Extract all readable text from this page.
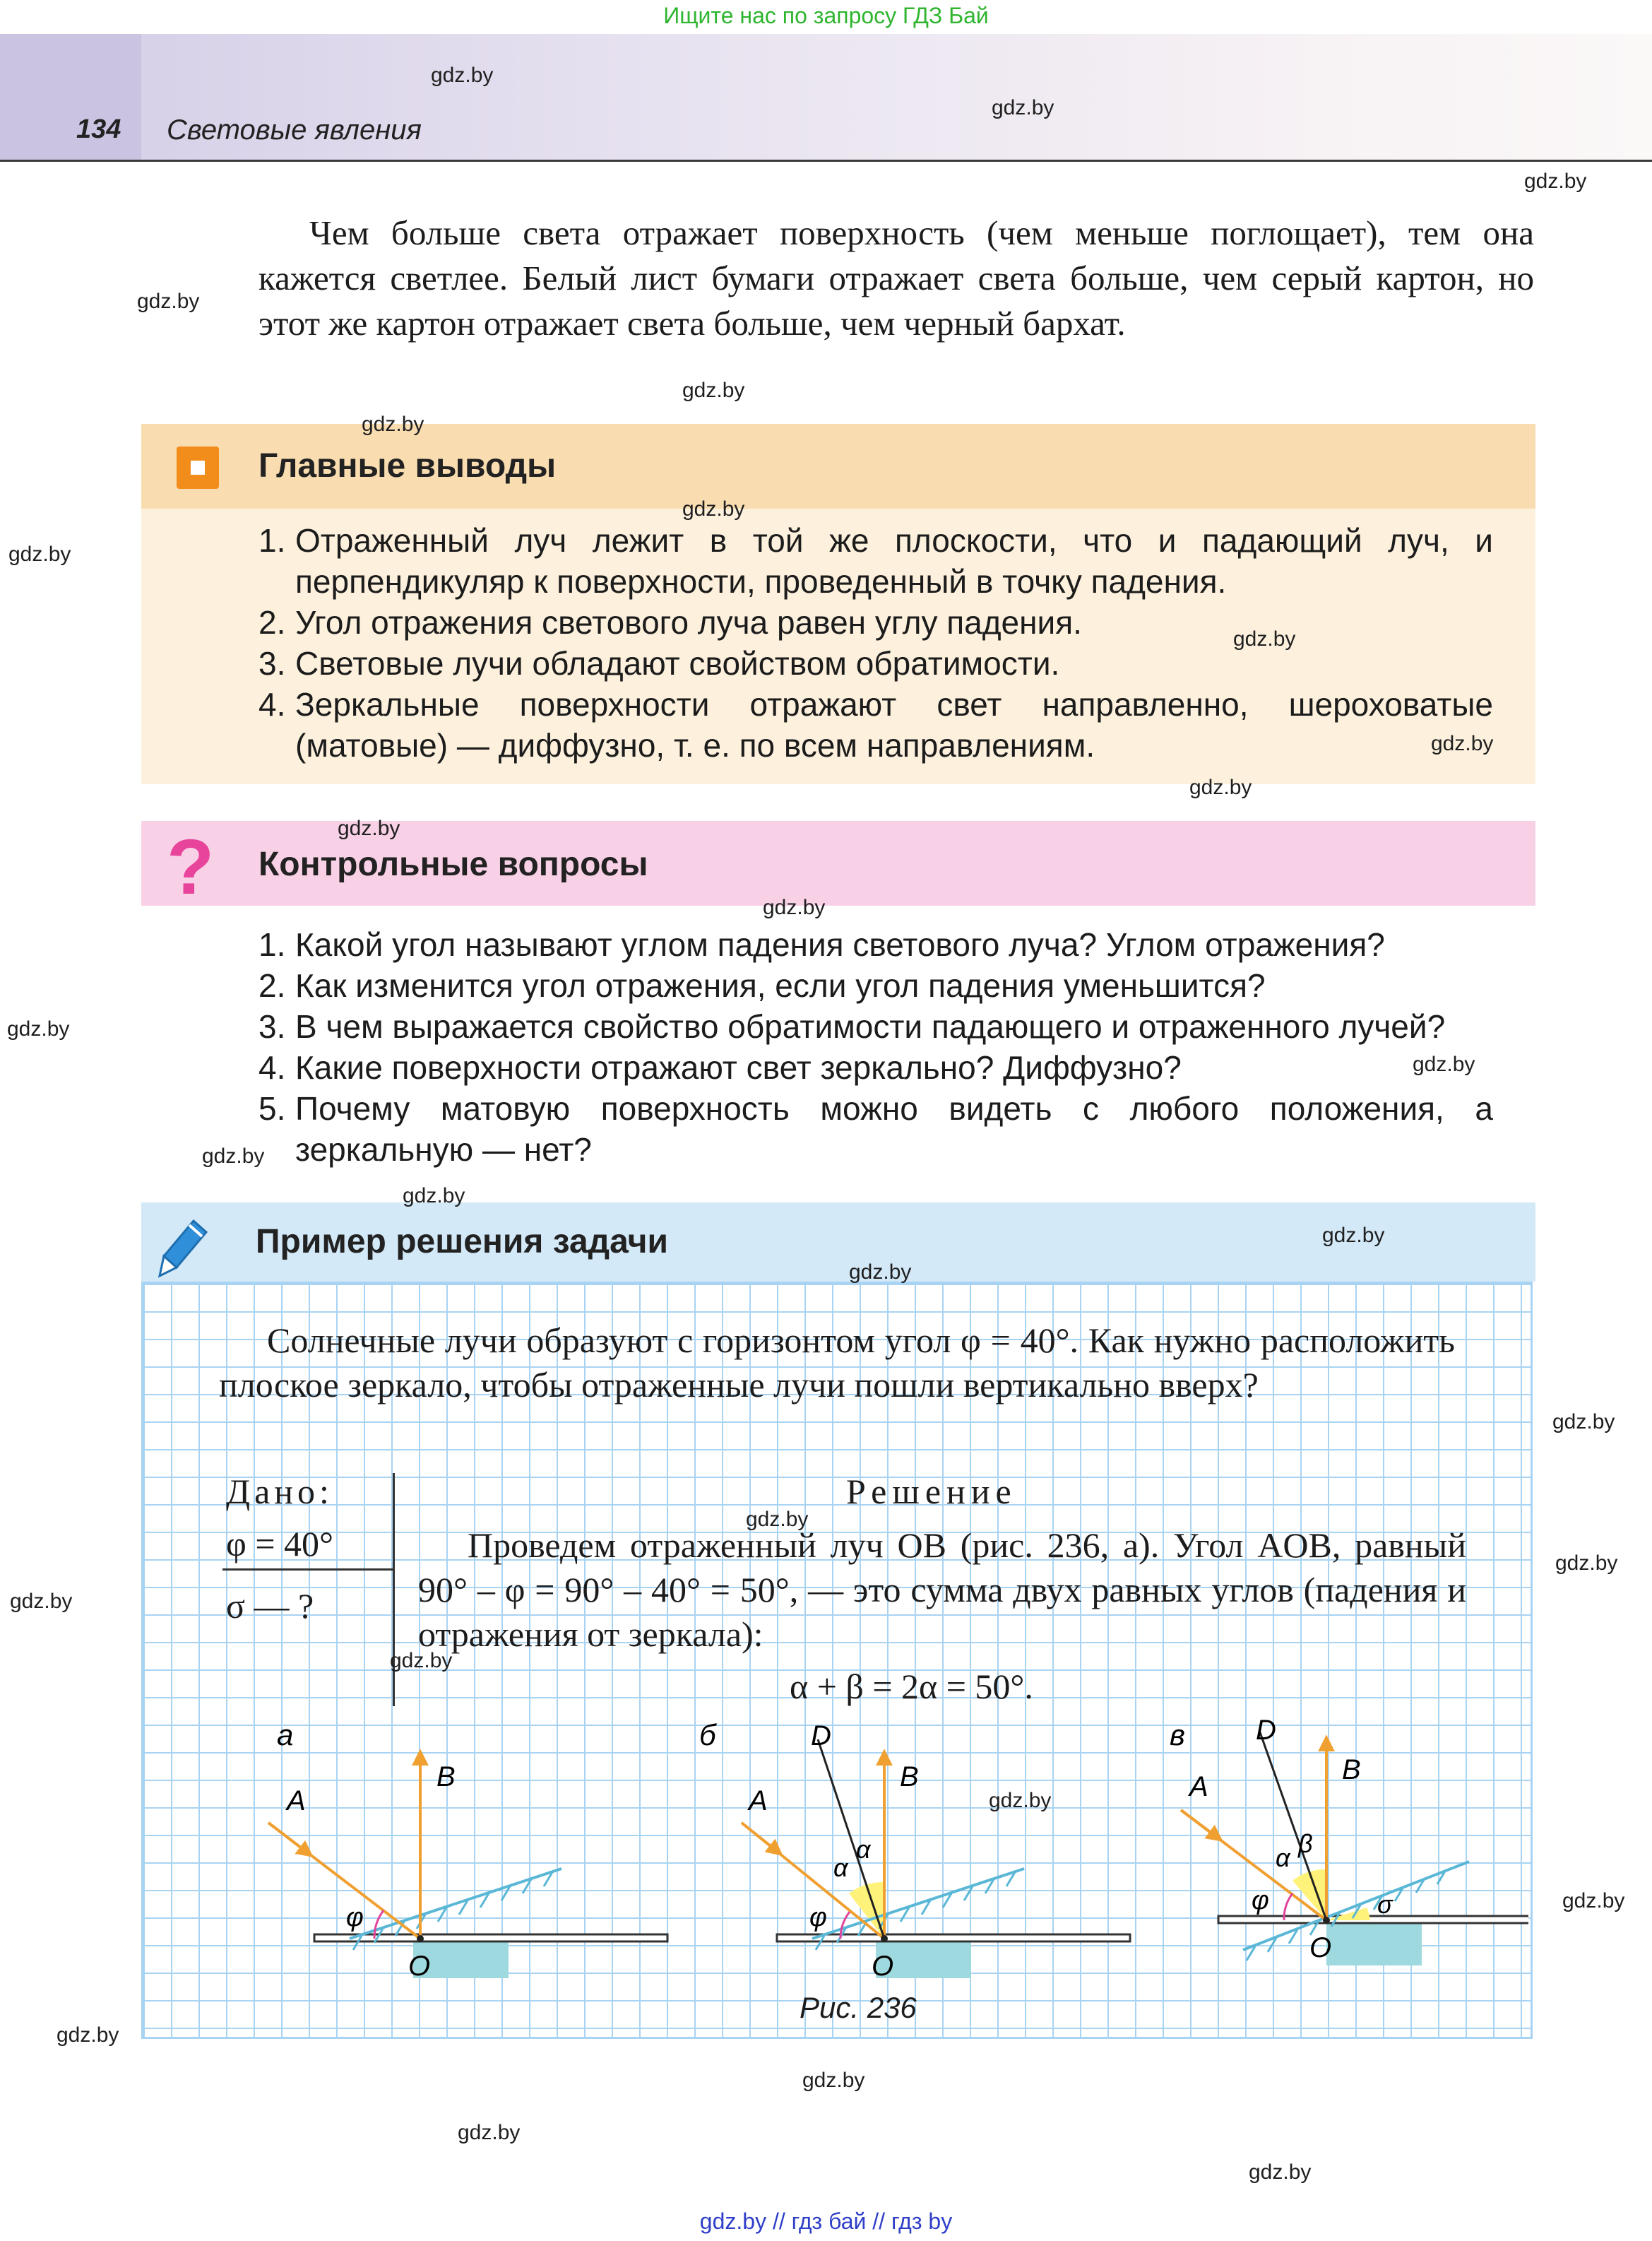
Ищите нас по запросу ГДЗ Бай
134 Световые явления
Чем больше света отражает поверхность (чем меньше поглощает), тем она кажется светлее. Белый лист бумаги отражает света больше, чем серый картон, но этот же картон отражает света больше, чем черный бархат.
Главные выводы
1. Отраженный луч лежит в той же плоскости, что и падающий луч, и перпендикуляр к поверхности, проведенный в точку падения.
2. Угол отражения светового луча равен углу падения.
3. Световые лучи обладают свойством обратимости.
4. Зеркальные поверхности отражают свет направленно, шероховатые (матовые) — диффузно, т. е. по всем направлениям.
? Контрольные вопросы
1. Какой угол называют углом падения светового луча? Углом отражения?
2. Как изменится угол отражения, если угол падения уменьшится?
3. В чем выражается свойство обратимости падающего и отраженного лучей?
4. Какие поверхности отражают свет зеркально? Диффузно?
5. Почему матовую поверхность можно видеть с любого положения, а зеркальную — нет?
Пример решения задачи
Солнечные лучи образуют с горизонтом угол φ = 40°. Как нужно расположить плоское зеркало, чтобы отраженные лучи пошли вертикально вверх?
Дано:
φ = 40°
σ — ?
Решение
Проведем отраженный луч OB (рис. 236, a). Угол AOB, равный 90° – φ = 90° – 40° = 50°, — это сумма двух равных углов (падения и отражения от зеркала):
α + β = 2α = 50°.
а
φ
A
B
O
б
φ
α
α
A
D
B
O
в
φ
α β
σ
A
D
B
O
Рис. 236
gdz.by
gdz.by
gdz.by
gdz.by
gdz.by
gdz.by
gdz.by
gdz.by
gdz.by
gdz.by
gdz.by
gdz.by
gdz.by
gdz.by
gdz.by
gdz.by
gdz.by
gdz.by
gdz.by
gdz.by
gdz.by
gdz.by
gdz.by
gdz.by
gdz.by
gdz.by
gdz.by
gdz.by
gdz.by
gdz.by
gdz.by // гдз бай // гдз by
